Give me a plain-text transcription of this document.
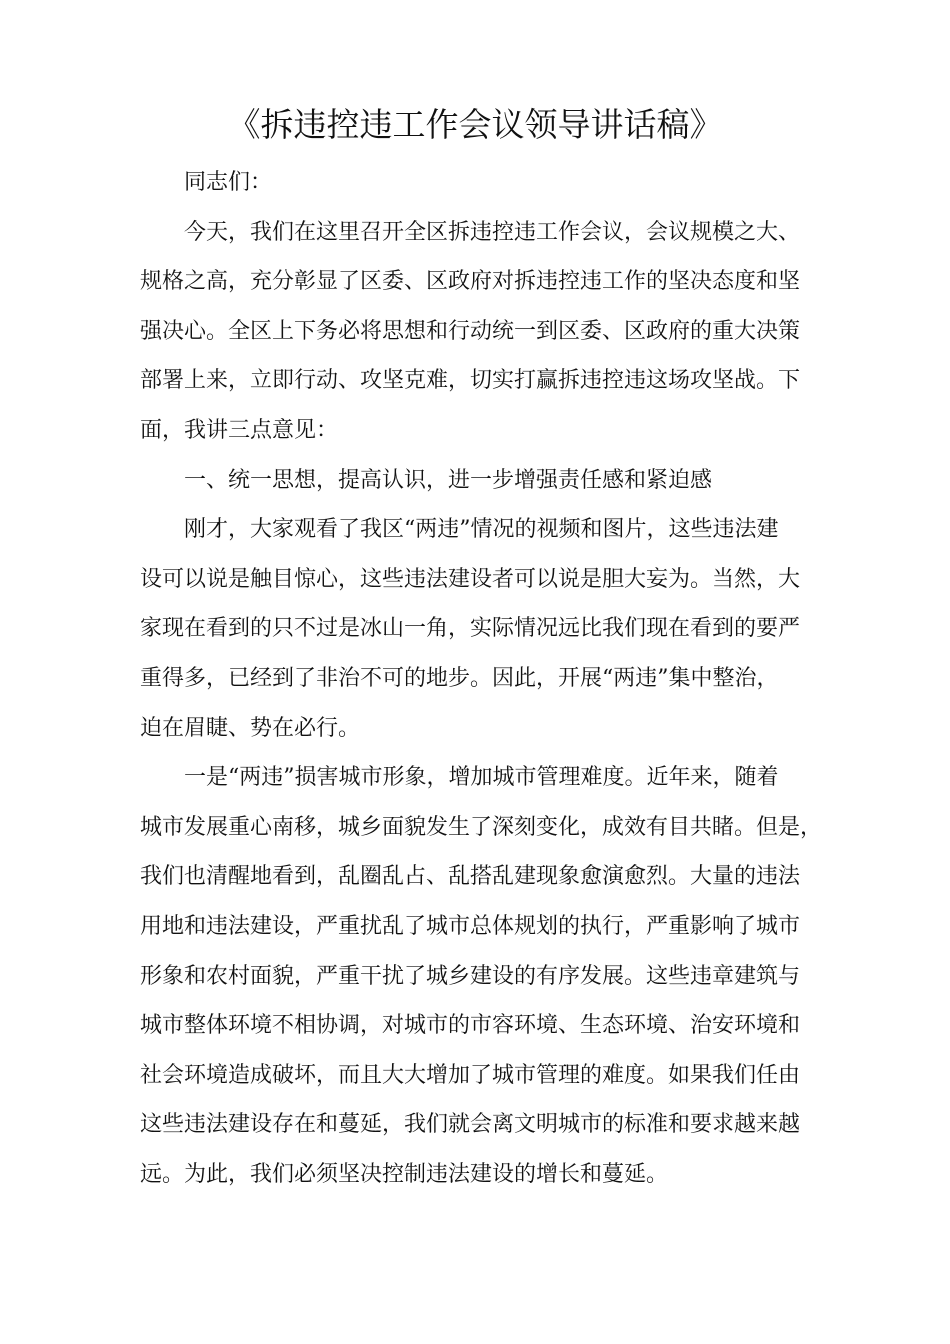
《拆违控违工作会议领导讲话稿》
同志们：
今天，我们在这里召开全区拆违控违工作会议，会议规模之大、
规格之高，充分彰显了区委、区政府对拆违控违工作的坚决态度和坚
强决心。全区上下务必将思想和行动统一到区委、区政府的重大决策
部署上来，立即行动、攻坚克难，切实打赢拆违控违这场攻坚战。下
面，我讲三点意见：
一、统一思想，提高认识，进一步增强责任感和紧迫感
刚才，大家观看了我区“两违”情况的视频和图片，这些违法建
设可以说是触目惊心，这些违法建设者可以说是胆大妄为。当然，大
家现在看到的只不过是冰山一角，实际情况远比我们现在看到的要严
重得多，已经到了非治不可的地步。因此，开展“两违”集中整治，
迫在眉睫、势在必行。
一是“两违”损害城市形象，增加城市管理难度。近年来，随着
城市发展重心南移，城乡面貌发生了深刻变化，成效有目共睹。但是，
我们也清醒地看到，乱圈乱占、乱搭乱建现象愈演愈烈。大量的违法
用地和违法建设，严重扰乱了城市总体规划的执行，严重影响了城市
形象和农村面貌，严重干扰了城乡建设的有序发展。这些违章建筑与
城市整体环境不相协调，对城市的市容环境、生态环境、治安环境和
社会环境造成破坏，而且大大增加了城市管理的难度。如果我们任由
这些违法建设存在和蔓延，我们就会离文明城市的标准和要求越来越
远。为此，我们必须坚决控制违法建设的增长和蔓延。
